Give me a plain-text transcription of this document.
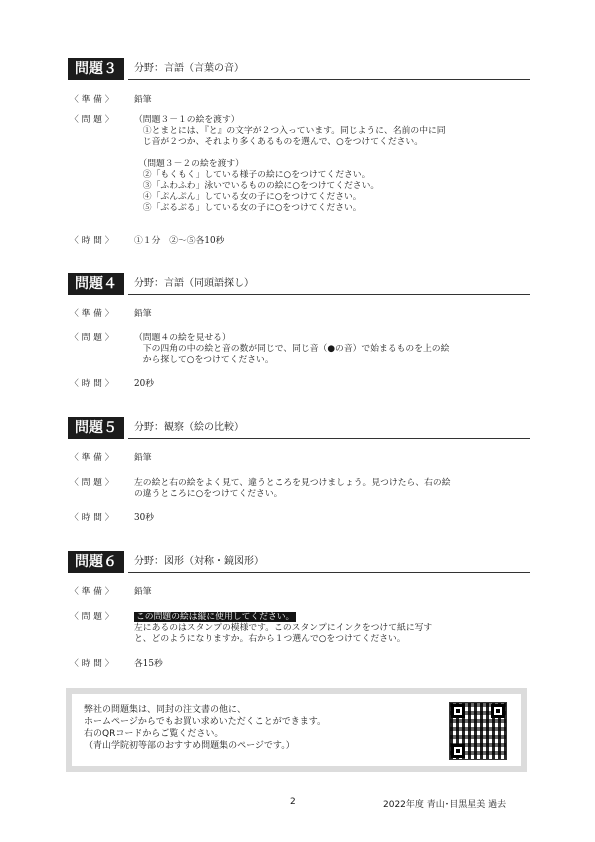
問題３	分野：言語（言葉の音）
〈 準 備 〉 鉛筆
〈 問 題 〉 （問題３－１の絵を渡す）
　①とまとには、『と』の文字が２つ入っています。同じように、名前の中に同
　じ音が２つか、それより多くあるものを選んで、○をつけてください。
　（問題３－２の絵を渡す）
　②「もくもく」している様子の絵に○をつけてください。
　③「ふわふわ」泳いでいるものの絵に○をつけてください。
　④「ぷんぷん」している女の子に○をつけてください。
　⑤「ぶるぶる」している女の子に○をつけてください。
〈 時 間 〉 ①１分　②～⑤各10秒
問題４	分野：言語（同頭語探し）
〈 準 備 〉 鉛筆
〈 問 題 〉 （問題４の絵を見せる）
　下の四角の中の絵と音の数が同じで、同じ音（●の音）で始まるものを上の絵
　から探して○をつけてください。
〈 時 間 〉 20秒
問題５	分野：観察（絵の比較）
〈 準 備 〉 鉛筆
〈 問 題 〉 左の絵と右の絵をよく見て、違うところを見つけましょう。見つけたら、右の絵
の違うところに○をつけてください。
〈 時 間 〉 30秒
問題６	分野：図形（対称・鏡図形）
〈 準 備 〉 鉛筆
〈 問 題 〉	この問題の絵は縦に使用してください。
左にあるのはスタンプの模様です。このスタンプにインクをつけて紙に写す
と、どのようになりますか。右から１つ選んで○をつけてください。
〈 時 間 〉 各15秒
弊社の問題集は、同封の注文書の他に、
ホームページからでもお買い求めいただくことができます。
右のQRコードからご覧ください。
（青山学院初等部のおすすめ問題集のページです。）
2	2022年度 青山･目黒星美 過去
